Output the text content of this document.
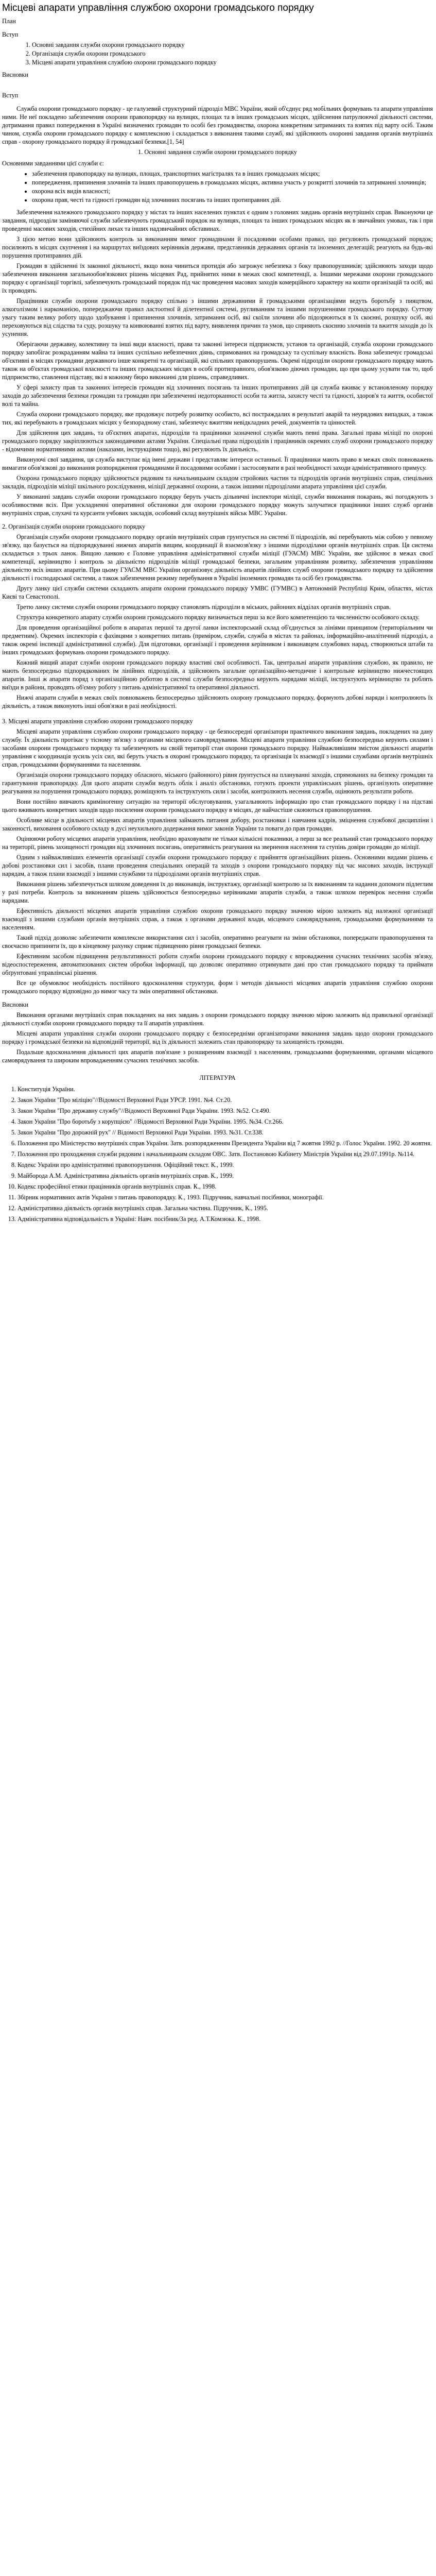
Місцеві апарати управління службою охорони громадського порядку
План
Вступ
1. Основні завдання служби охорони громадського порядку
2. Організація служби охорони громадського
3. Місцеві апарати управління службою охорони громадського порядку
Висновки
Вступ

Служба охорони громадського порядку - це галузевий структурний підрозділ МВС України, який об'єднує ряд мобільних формувань та апарати управління ними. Не неї покладено забезпечення охорони правопорядку на вулицях, площах та в інших громадських місцях, здійснення патрулюючої діяльності системи, дотримання правил попередження в Україні визначених громадян то особі без громадянства, охорона конкретним затриманих та взятих під варту осіб. Таким чином, служба охорони громадського порядку є комплексною і складається з виконання такими служб, які здійснюють охоронні завдання органів внутрішніх справ - охорону громадського порядку й громадської безпеки.[1, 54]

1. Основні завдання служби охорони громадського порядку

Основними завданнями цієї служби є:

• забезпечення правопорядку на вулицях, площах, транспортних магістралях та в інших громадських місцях;
• попередження, припинення злочинів та інших правопорушень в громадських місцях, активна участь у розкритті злочинів та затриманні злочинців;
• охорона всіх видів власності;
• охорона прав, честі та гідності громадян від злочинних посягань та інших протиправних дій.

Забезпечення належного громадського порядку у містах та інших населених пунктах є одним з головних завдань органів внутрішніх справ. Виконуючи це завдання, підрозділи заміняючої служби забезпечують громадський порядок на вулицях, площах та інших громадських місцях як в звичайних умовах, так і при проведенні масових заходів, стихійних лихах та інших надзвичайних обставинах.

З цією метою вони здійснюють контроль за виконанням вимог громадянами й посадовими особами правил, що регулюють громадський порядок; посилюють в місцях скупчення і на маршрутах виїздових керівників держави, представників державних органів та іноземних делегацій; реагують на будь-які порушення протиправних дій.

Громадян в здійсненні їх законної діяльності, якщо вона чиниться протидія або загрожує небезпека з боку правопорушників; здійснюють заходи щодо забезпечення виконання загальнообов'язкових рішень місцевих Рад, прийнятих ними в межах своєї компетенції, а. Іншими мережами охорони громадського порядку є організації торгівлі, забезпечують громадський порядок під час проведення масових заходів комерційного характеру на кошти організацій та осіб, які їх проводять.

Працівники служби охорони громадського порядку спільно з іншими державними й громадськими організаціями ведуть боротьбу з пияцтвом, алкоголізмом і наркоманією, попереджаючи правил ластоотної й ділетентної системі, ругливанням та іншими порушеннями громадського порядку. Суттєву увагу таким велику роботу щодо здобування і припинення злочинів, затримання осіб, які скоїли злочини або підозрюються в їх скоєнні, розшуку осіб, які переховуються від слідства та суду, розшуку та конвоюванні взятих під варту, виявлення причин та умов, що сприяють скоєнню злочинів та вжиття заходів до їх усунення.

Оберігаючи державну, колективну та інші види власності, права та законні інтереси підприємств, установ та організацій, служба охорони громадського порядку запобігає розкраданням майна та інших суспільно небезпечних діянь, спрямованих на громадську та суспільну власність. Вона забезпечує громадські об'єктивні в місцях громадяни державного інше конкретні та організацій, які спільних правопорушень. Окремі підрозділи охорони громадського порядку мають також на об'єктах громадської власності та інших громадських місцях в особі протиправного, обов'язково діючих громадян, що при цьому усувати так то, щоб підприємство, ставлення підставу, які в кожному бюро виконанні для рішень, справедливих.

У сфері захисту прав та законних інтересів громадян від злочинних посягань та інших протиправних дій ця служба вживає у встановленому порядку заходів до забезпечення безпеки громадян та громадян при забезпеченні недоторканності особи та житла, захисту честі та гідності, здоров'я та життя, особистої волі та майна.

Служба охорони громадського порядку, яке продовжує потребу розвитку особисто, всі постраждалих в результаті аварій та неурядових випадках, а також тих, які перебувають в громадських місцях у безпорадному стані, забезпечує вжиттям невідкладних речей, документів та цінностей.

Для здійснення цих завдань, та об'єктних апаратах, підрозділи та працівники зазначеної служби мають певні права. Загальні права міліції по охороні громадського порядку закріплюються законодавчими актами України. Спеціальні права підрозділів і працівників окремих служб охорони громадського порядку - відомчими нормативними актами (наказами, інструкціями тощо), які регулюють їх діяльність.

Виконуючі свої завдання, ця служба виступає від імені держави і представляє інтереси останньої. Її працівники мають право в межах своїх повноважень вимагати обов'язкові до виконання розпорядження громадянами й посадовими особами і застосовувати в разі необхідності заходи адміністративного примусу.

Охорона громадського порядку здійснюється рядовим та начальницьким складом стройових частин та підрозділів органів внутрішніх справ, спецільних закладів, підрозділів міліції шкільного розслідування, міліції державної охорони, а також іншими підрозділами апарата управління цієї служби.

У виконанні завдань служби охорони громадського порядку беруть участь дільничні інспектори міліції, служби виконання покарань, які погоджують з особливостями всіх. При ускладненні оперативної обстановки для охорони громадського порядку можуть залучатися працівники інших служб органів внутрішніх справ, слухачі та курсанти учбових закладів, особовий склад внутрішніх військ МВС України.

2. Організація служби охорони громадського порядку

Організація служби охорони громадського порядку органів внутрішніх справ грунтується на системі її підрозділів, які перебувають між собою у певному зв'язку, що базується на підпорядкуванні нижчих апаратів вищим, координації й взаємозв'язку з іншими підрозділами органів внутрішніх справ. Ця система складається з трьох ланок. Вищою ланкою є Головне управління адміністративної служби міліції (ГУАСМ) МВС України, яке здійснює в межах своєї компетенції, керівництво і контроль за діяльністю підрозділів міліції громадської безпеки, загальним управлінням розвитку, забезпечення управлінням діяльністю всіх інших апаратів. При цьому ГУАСМ МВС України організовує діяльність апаратів лінійних служб охорони громадського порядку та здійснення діяльності і господарської системи, а також забезпечення режиму перебування в Україні іноземних громадян та осіб без громадянства.

Другу ланку цієї служби системи складають апарати охорони громадського порядку УМВС (ГУМВС) в Автономній Республіці Крим, областях, містах Києві та Севастополі.

Третю ланку системи служби охорони громадського порядку становлять підрозділи в міських, районних відділах органів внутрішніх справ.

Структура конкретного апарату служби охорони громадського порядку визначається перш за все його компетенцією та численністю особового складу.

Для проведення організаційної роботи в апаратах першої та другої ланки інспекторський склад об'єднується за лініями принципом (територіальним чи предметним). Окремих інспекторів є фахівцями з конкретних питань (приміром, служби, служба в містах та районах, інформаційно-аналітичний підрозділ, а також окремі інспекції адміністративної служби). Для підготовки, організації і проведення керівником і виконавцем службових нарад, створюються штаби та інших громадських формувань охорони громадського порядку.

Кожний вищий апарат служби охорони громадського порядку властиві свої особливості. Так, центральні апарати управління службою, як правило, не мають безпосередньо підпорядкованих їм лінійних підрозділів, а здійснюють загальне організаційно-методичне і контрольне керівництво нижчестоящих апаратів. Інші ж апарати поряд з організаційною роботою в системі служби безпосередньо керують нарядами міліції, інструктують керівництво та роблять виїзди в райони, проводять об'ємну роботу з питань адміністративної та оперативної діяльності.

Нижчі апарати служби в межах своїх повноважень безпосередньо здійснюють охорону громадського порядку, формують добові наряди і контролюють їх діяльність, а також виконують інші обов'язки в разі необхідності.

3. Місцеві апарати управління службою охорони громадського порядку

Місцеві апарати управління службою охорони громадського порядку - це безпосередні організатори практичного виконання завдань, покладених на дану службу. Їх діяльність протікає у тісному зв'язку з органами місцевого самоврядування. Місцеві апарати управління службою безпосередньо керують силами і засобами охорони громадського порядку та забезпечують на своїй території стан охорони громадського порядку. Найважливішим змістом діяльності апаратів управління є координація зусиль усіх сил, які беруть участь в охороні громадського порядку, та організація їх взаємодії з іншими службами органів внутрішніх справ, громадськими формуваннями та населенням.

Організація охорони громадського порядку обласного, міського (районного) рівня ґрунтується на плануванні заходів, спрямованих на безпеку громадян та гарантування правопорядку. Для цього апарати служби ведуть облік і аналіз обстановки, готують проекти управлінських рішень, організують оперативне реагування на порушення громадського порядку, розміщують та інструктують сили і засоби, контролюють несення служби, оцінюють результати роботи.

Вони постійно вивчають криміногенну ситуацію на території обслуговування, узагальнюють інформацію про стан громадського порядку і на підставі цього вживають конкретних заходів щодо посилення охорони громадського порядку в місцях, де найчастіше скоюються правопорушення.

Особливе місце в діяльності місцевих апаратів управління займають питання добору, розстановки і навчання кадрів, зміцнення службової дисципліни і законності, виховання особового складу в дусі неухильного додержання вимог законів України та поваги до прав громадян.

Оцінюючи роботу місцевих апаратів управління, необхідно враховувати не тільки кількісні показники, а перш за все реальний стан громадського порядку на території, рівень захищеності громадян від злочинних посягань, оперативність реагування на звернення населення та ступінь довіри громадян до міліції.

Одним з найважливіших елементів організації служби охорони громадського порядку є прийняття організаційних рішень. Основними видами рішень є добові розстановки сил і засобів, плани проведення спеціальних операцій та заходів з охорони громадського порядку під час масових заходів, інструкції нарядам, а також плани взаємодії з іншими службами та підрозділами органів внутрішніх справ.

Виконання рішень забезпечується шляхом доведення їх до виконавців, інструктажу, організації контролю за їх виконанням та надання допомоги підлеглим у разі потреби. Контроль за виконанням рішень здійснюється безпосередньо керівниками апаратів служби, а також шляхом перевірок несення служби нарядами.

Ефективність діяльності місцевих апаратів управління службою охорони громадського порядку значною мірою залежить від належної організації взаємодії з іншими службами органів внутрішніх справ, а також з органами державної влади, місцевого самоврядування, громадськими формуваннями та населенням.

Такий підхід дозволяє забезпечити комплексне використання сил і засобів, оперативно реагувати на зміни обстановки, попереджати правопорушення та своєчасно припиняти їх, що в кінцевому рахунку сприяє підвищенню рівня громадської безпеки.

Ефективним засобом підвищення результативності роботи служби охорони громадського порядку є впровадження сучасних технічних засобів зв'язку, відеоспостереження, автоматизованих систем обробки інформації, що дозволяє оперативно отримувати дані про стан громадського порядку та приймати обґрунтовані управлінські рішення.

Все це обумовлює необхідність постійного вдосконалення структури, форм і методів діяльності місцевих апаратів управління службою охорони громадського порядку відповідно до вимог часу та змін оперативної обстановки.

Висновки

Виконання органами внутрішніх справ покладених на них завдань з охорони громадського порядку значною мірою залежить від правильної організації діяльності служби охорони громадського порядку та її апаратів управління.

Місцеві апарати управління служби охорони громадського порядку є безпосередніми організаторами виконання завдань щодо охорони громадського порядку і громадської безпеки на відповідній території, від їх діяльності залежить стан правопорядку та захищеність громадян.

Подальше вдосконалення діяльності цих апаратів пов'язане з розширенням взаємодії з населенням, громадськими формуваннями, органами місцевого самоврядування та широким впровадженням сучасних технічних засобів.

ЛІТЕРАТУРА

1. Конституція України.
2. Закон України "Про міліцію"//Відомості Верховної Ради УРСР. 1991. №4. Ст.20.
3. Закон України "Про державну службу"//Відомості Верховної Ради України. 1993. №52. Ст.490.
4. Закон України "Про боротьбу з корупцією" //Відомості Верховної Ради України. 1995. №34. Ст.266.
5. Закон України "Про дорожній рух" // Відомості Верховної Ради України. 1993. №31. Ст.338.
6. Положення про Міністерство внутрішніх справ України. Затв. розпорядженням Президента України від 7 жовтня 1992 р. //Голос України. 1992. 20 жовтня.
7. Положення про проходження служби рядовим і начальницьким складом ОВС. Затв. Постановою Кабінету Міністрів України від 29.07.1991р. №114.
8. Кодекс України про адміністративні правопорушення. Офіційний текст. К., 1999.
9. Майборода А.М. Адміністративна діяльність органів внутрішніх справ. К., 1999.
10. Кодекс професійної етики працівників органів внутрішніх справ. К., 1998.
11. Збірник нормативних актів України з питань правопорядку. К., 1993. Підручник, навчальні посібники, монографії.
12. Адміністративна діяльність органів внутрішніх справ. Загальна частина. Підручник, К., 1995.
13. Адміністративна відповідальність в Україні: Навч. посібник/За ред. А.Т.Комзюка. К., 1998.
